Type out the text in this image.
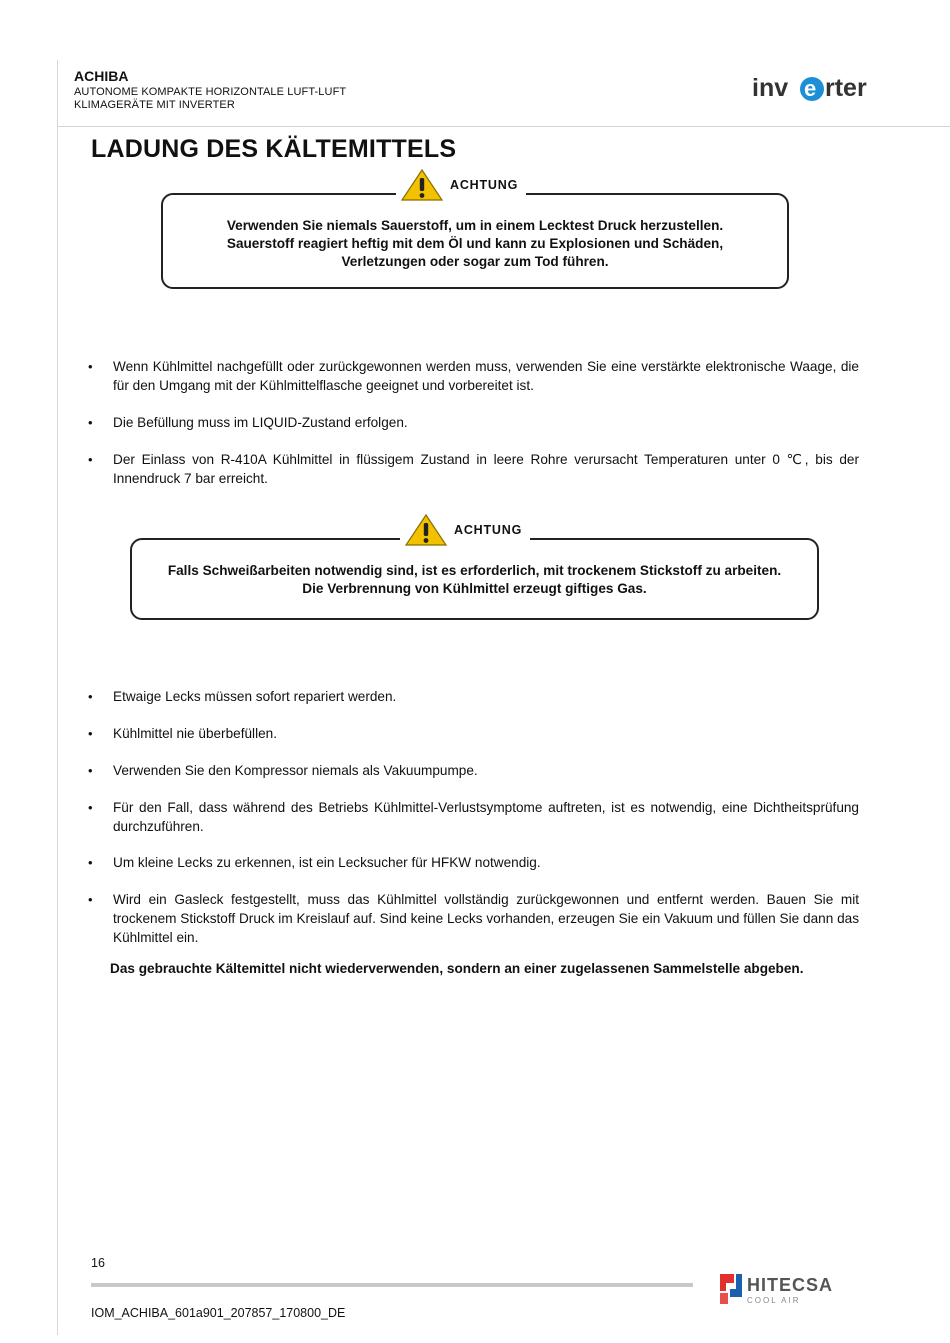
ACHIBA
AUTONOME KOMPAKTE HORIZONTALE LUFT-LUFT
KLIMAGERÄTE MIT INVERTER
inv e rter
LADUNG DES KÄLTEMITTELS
Verwenden Sie niemals Sauerstoff, um in einem Lecktest Druck herzustellen.
Sauerstoff reagiert heftig mit dem Öl und kann zu Explosionen und Schäden,
Verletzungen oder sogar zum Tod führen.
ACHTUNG
• Wenn Kühlmittel nachgefüllt oder zurückgewonnen werden muss, verwenden Sie eine verstärkte elektronische Waage, die für den Umgang mit der Kühlmittelflasche geeignet und vorbereitet ist.
• Die Befüllung muss im LIQUID-Zustand erfolgen.
• Der Einlass von R-410A Kühlmittel in flüssigem Zustand in leere Rohre verursacht Temperaturen unter 0 ℃, bis der Innendruck 7 bar erreicht.
Falls Schweißarbeiten notwendig sind, ist es erforderlich, mit trockenem Stickstoff zu arbeiten.
Die Verbrennung von Kühlmittel erzeugt giftiges Gas.
ACHTUNG
• Etwaige Lecks müssen sofort repariert werden.
• Kühlmittel nie überbefüllen.
• Verwenden Sie den Kompressor niemals als Vakuumpumpe.
• Für den Fall, dass während des Betriebs Kühlmittel-Verlustsymptome auftreten, ist es notwendig, eine Dichtheitsprüfung durchzuführen.
• Um kleine Lecks zu erkennen, ist ein Lecksucher für HFKW notwendig.
• Wird ein Gasleck festgestellt, muss das Kühlmittel vollständig zurückgewonnen und entfernt werden. Bauen Sie mit trockenem Stickstoff Druck im Kreislauf auf. Sind keine Lecks vorhanden, erzeugen Sie ein Vakuum und füllen Sie dann das Kühlmittel ein.
Das gebrauchte Kältemittel nicht wiederverwenden, sondern an einer zugelassenen Sammelstelle abgeben.
16
IOM_ACHIBA_601a901_207857_170800_DE
HITECSA
COOL AIR
